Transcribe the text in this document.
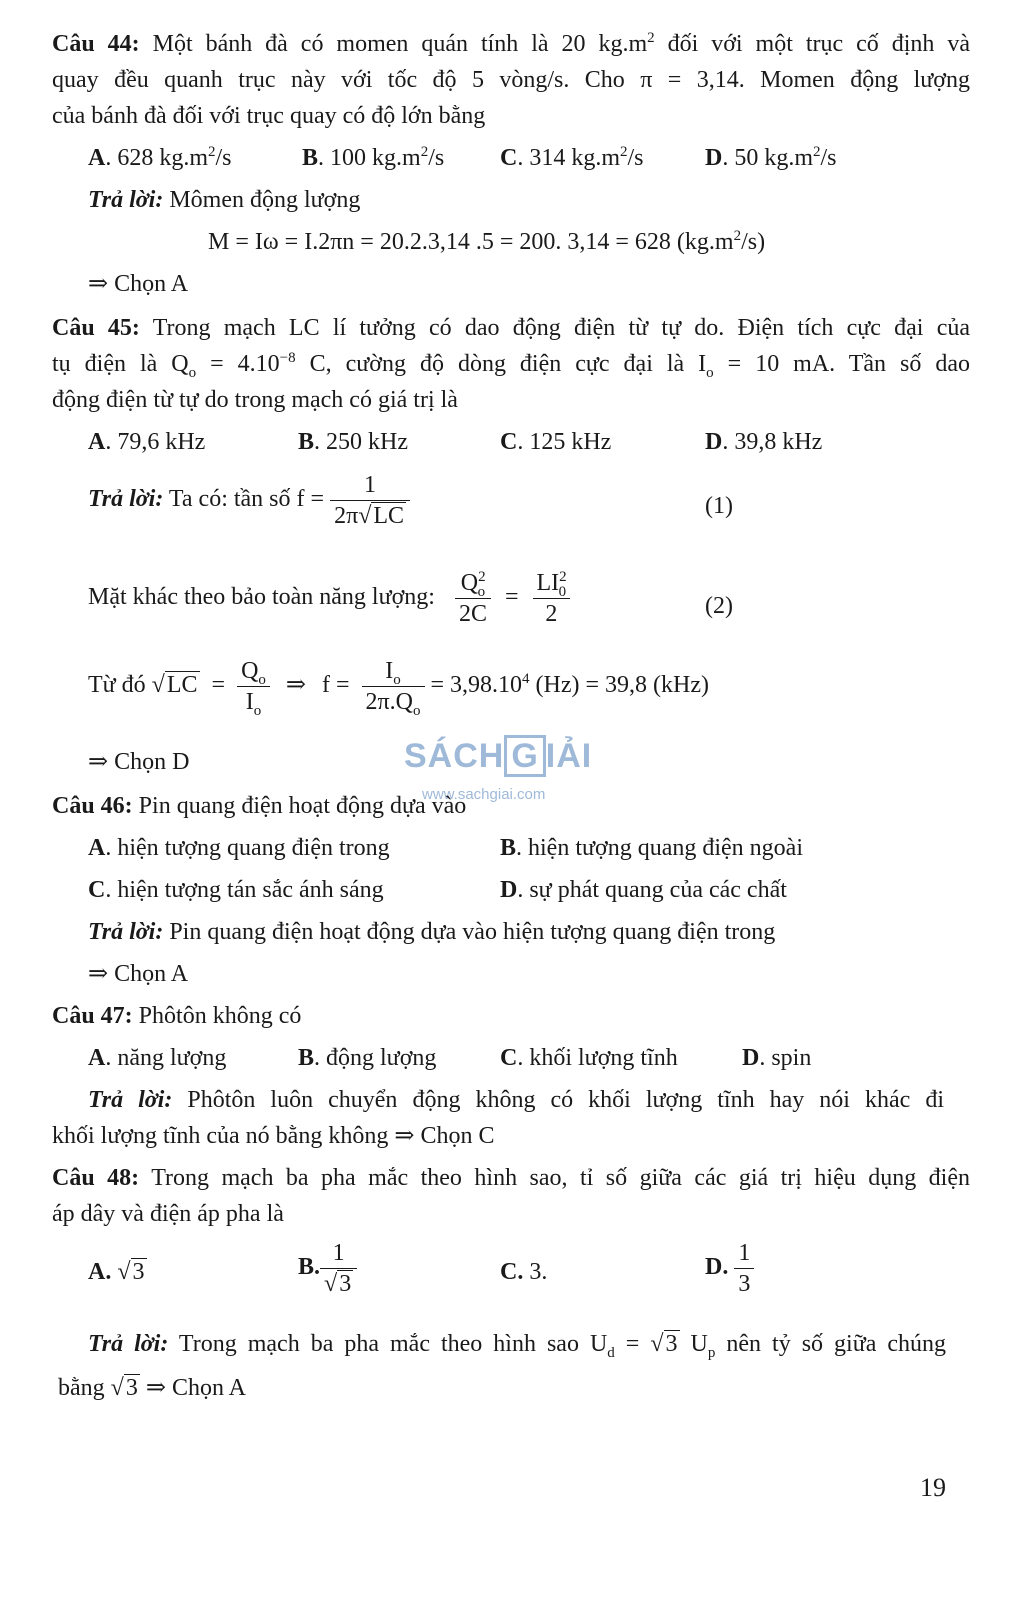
Câu 44: Một bánh đà có momen quán tính là 20 $kg.m^2$ đối với một trục cố định và
quay đều quanh trục này với tốc độ 5 vòng/s. Cho π = 3,14. Momen động lượng
của bánh đà đối với trục quay có độ lớn bằng
A. 628 $kg.m^2/s$	B. 100 $kg.m^2/s$ C. 314 $kg.m^2/s$	D. 50 $kg.m^2/s$
Trả lời: Mômen động lượng
M = Iω = I.2πn = 20.2.3,14 .5 = 200. 3,14 = 628 $(kg.m^2/s)$
⇒ Chọn A
Câu 45: Trong mạch LC lí tưởng có dao động điện từ tự do. Điện tích cực đại của
tụ điện là $Q_o = 4.10^{-8}$ C, cường độ dòng điện cực đại là $I_o = 10$ mA. Tần số dao
động điện từ tự do trong mạch có giá trị là
A. 79,6 kHz	B. 250 kHz	C. 125 kHz	D. 39,8 kHz
Trả lời: Ta có: tần số $f = \frac{1}{2\pi√LC}$	(1)
Mặt khác theo bảo toàn năng lượng: $\frac{Q^2_o}{2C} = \frac{LI^2_0}{2}$	(2)
Từ đó $√LC = \frac{Q_o}{I_o}$ ⇒ $f = \frac{I_o}{2\pi.Q_o} = 3,98.10^4$ (Hz) = 39,8 (kHz)
⇒ Chọn D	SÁCH G IẢI
www.sachgiai.com
Câu 46: Pin quang điện hoạt động dựa vào
A. hiện tượng quang điện trong	B. hiện tượng quang điện ngoài
C. hiện tượng tán sắc ánh sáng	D. sự phát quang của các chất
Trả lời: Pin quang điện hoạt động dựa vào hiện tượng quang điện trong
⇒ Chọn A
Câu 47: Phôtôn không có
A. năng lượng	B. động lượng	C. khối lượng tĩnh	D. spin
Trả lời: Phôtôn luôn chuyển động không có khối lượng tĩnh hay nói khác đi
khối lượng tĩnh của nó bằng không ⇒ Chọn C
Câu 48: Trong mạch ba pha mắc theo hình sao, tỉ số giữa các giá trị hiệu dụng điện
áp dây và điện áp pha là
A. √3	B. $\frac{1}{√3}$	C. 3.	D. $\frac{1}{3}$
Trả lời: Trong mạch ba pha mắc theo hình sao $U_d = √3$ $U_p$ nên tỷ số giữa chúng
bằng √3 ⇒ Chọn A
19
